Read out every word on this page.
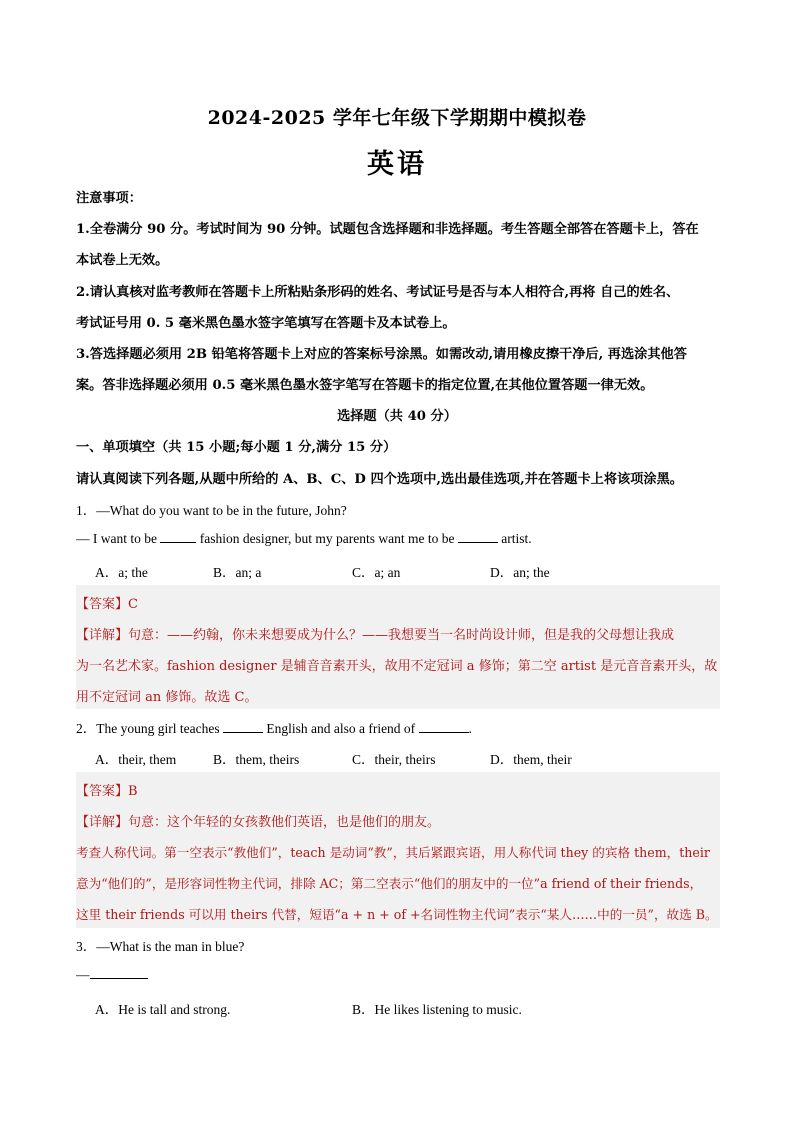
2024-2025 学年七年级下学期期中模拟卷
英语
注意事项：
1.全卷满分 90 分。考试时间为 90 分钟。试题包含选择题和非选择题。考生答题全部答在答题卡上，答在
本试卷上无效。
2.请认真核对监考教师在答题卡上所粘贴条形码的姓名、考试证号是否与本人相符合,再将 自己的姓名、
考试证号用 0. 5 毫米黑色墨水签字笔填写在答题卡及本试卷上。
3.答选择题必须用 2B 铅笔将答题卡上对应的答案标号涂黑。如需改动,请用橡皮擦干净后, 再选涂其他答
案。答非选择题必须用 0.5 毫米黑色墨水签字笔写在答题卡的指定位置,在其他位置答题一律无效。
选择题（共 40 分）
一、单项填空（共 15 小题;每小题 1 分,满分 15 分）
请认真阅读下列各题,从题中所给的 A、B、C、D 四个选项中,选出最佳选项,并在答题卡上将该项涂黑。
1．—What do you want to be in the future, John?
— I want to be	fashion designer, but my parents want me to be	artist.
A．a; the	B．an; a	C．a; an	D．an; the
【答案】C
【详解】句意：——约翰，你未来想要成为什么？——我想要当一名时尚设计师，但是我的父母想让我成
为一名艺术家。fashion designer 是辅音音素开头，故用不定冠词 a 修饰；第二空 artist 是元音音素开头，故
用不定冠词 an 修饰。故选 C。
2．The young girl teaches	English and also a friend of	.
A．their, them	B．them, theirs	C．their, theirs	D．them, their
【答案】B
【详解】句意：这个年轻的女孩教他们英语，也是他们的朋友。
考查人称代词。第一空表示“教他们”，teach 是动词“教”，其后紧跟宾语，用人称代词 they 的宾格 them，their
意为“他们的”，是形容词性物主代词，排除 AC；第二空表示“他们的朋友中的一位”a friend of their friends，
这里 their friends 可以用 theirs 代替，短语“a + n + of +名词性物主代词”表示“某人……中的一员”，故选 B。
3．—What is the man in blue?
—
A．He is tall and strong.	B．He likes listening to music.
